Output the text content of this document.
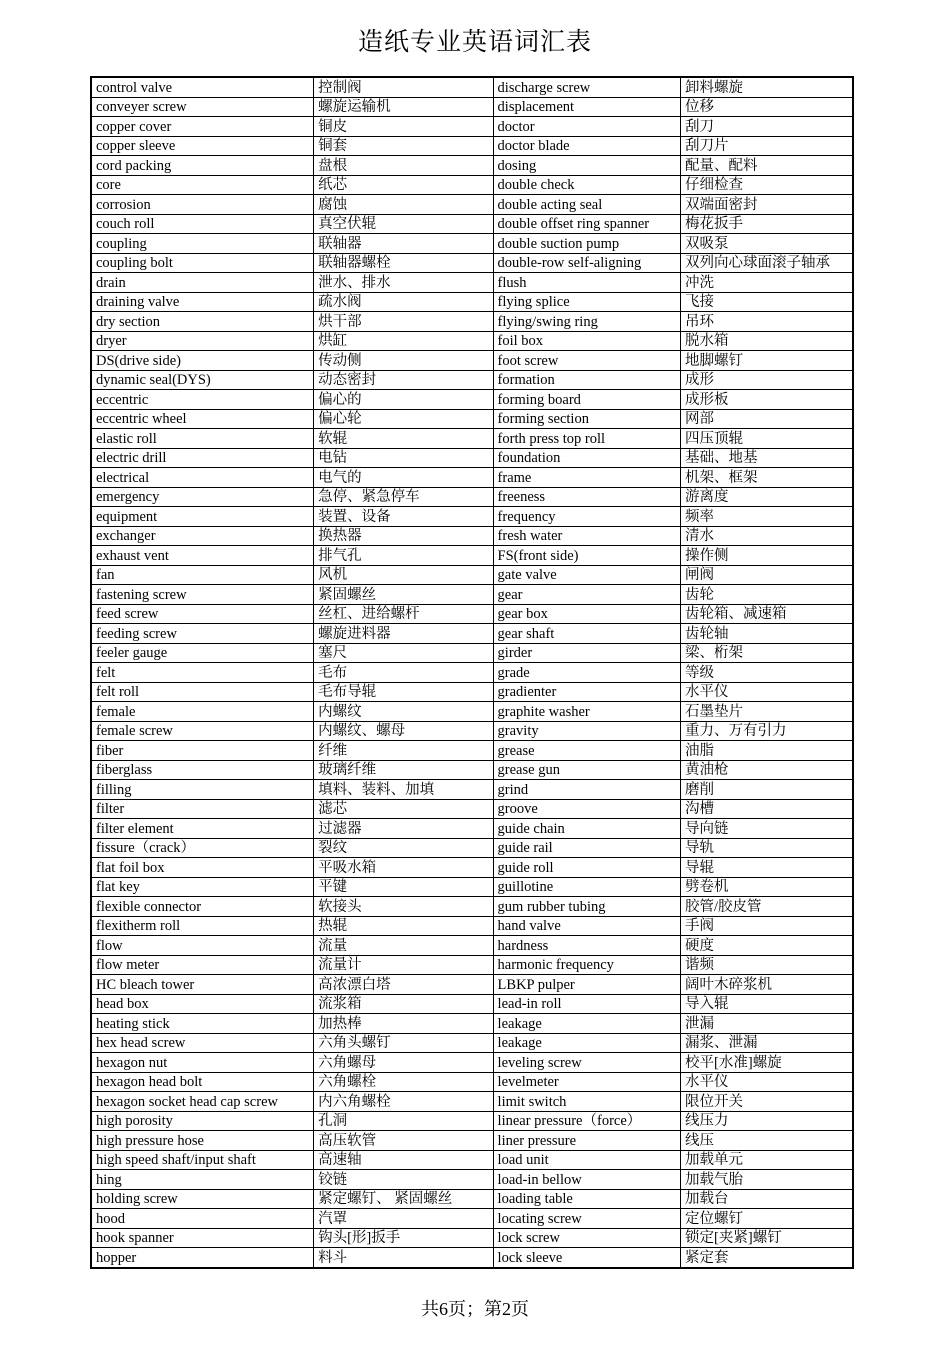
造纸专业英语词汇表
control valve	控制阀	discharge screw	卸料螺旋
conveyer screw	螺旋运输机	displacement	位移
copper cover	铜皮	doctor	刮刀
copper sleeve	铜套	doctor blade	刮刀片
cord packing	盘根	dosing	配量、配料
core	纸芯	double check	仔细检查
corrosion	腐蚀	double acting seal	双端面密封
couch roll	真空伏辊	double offset ring spanner	梅花扳手
coupling	联轴器	double suction pump	双吸泵
coupling bolt	联轴器螺栓	double-row self-aligning	双列向心球面滚子轴承
drain	泄水、排水	flush	冲洗
draining valve	疏水阀	flying splice	飞接
dry section	烘干部	flying/swing ring	吊环
dryer	烘缸	foil box	脱水箱
DS(drive side)	传动侧	foot screw	地脚螺钉
dynamic seal(DYS)	动态密封	formation	成形
eccentric	偏心的	forming board	成形板
eccentric wheel	偏心轮	forming section	网部
elastic roll	软辊	forth press top roll	四压顶辊
electric drill	电钻	foundation	基础、地基
electrical	电气的	frame	机架、框架
emergency	急停、紧急停车	freeness	游离度
equipment	装置、设备	frequency	频率
exchanger	换热器	fresh water	清水
exhaust vent	排气孔	FS(front side)	操作侧
fan	风机	gate valve	闸阀
fastening screw	紧固螺丝	gear	齿轮
feed screw	丝杠、进给螺杆	gear box	齿轮箱、减速箱
feeding screw	螺旋进料器	gear shaft	齿轮轴
feeler gauge	塞尺	girder	梁、桁架
felt	毛布	grade	等级
felt roll	毛布导辊	gradienter	水平仪
female	内螺纹	graphite washer	石墨垫片
female screw	内螺纹、螺母	gravity	重力、万有引力
fiber	纤维	grease	油脂
fiberglass	玻璃纤维	grease gun	黄油枪
filling	填料、装料、加填	grind	磨削
filter	滤芯	groove	沟槽
filter element	过滤器	guide chain	导向链
fissure（crack）	裂纹	guide rail	导轨
flat foil box	平吸水箱	guide roll	导辊
flat key	平键	guillotine	劈卷机
flexible connector	软接头	gum rubber tubing	胶管/胶皮管
flexitherm roll	热辊	hand valve	手阀
flow	流量	hardness	硬度
flow meter	流量计	harmonic frequency	谐频
HC bleach tower	高浓漂白塔	LBKP pulper	阔叶木碎浆机
head box	流浆箱	lead-in roll	导入辊
heating stick	加热棒	leakage	泄漏
hex head screw	六角头螺钉	leakage	漏浆、泄漏
hexagon nut	六角螺母	leveling screw	校平[水准]螺旋
hexagon head bolt	六角螺栓	levelmeter	水平仪
hexagon socket head cap screw	内六角螺栓	limit switch	限位开关
high porosity	孔洞	linear pressure（force）	线压力
high pressure hose	高压软管	liner pressure	线压
high speed shaft/input shaft	高速轴	load unit	加载单元
hing	铰链	load-in bellow	加载气胎
holding screw	紧定螺钉、 紧固螺丝	loading table	加载台
hood	汽罩	locating screw	定位螺钉
hook spanner	钩头[形]扳手	lock screw	锁定[夹紧]螺钉
hopper	料斗	lock sleeve	紧定套
共6页；第2页
